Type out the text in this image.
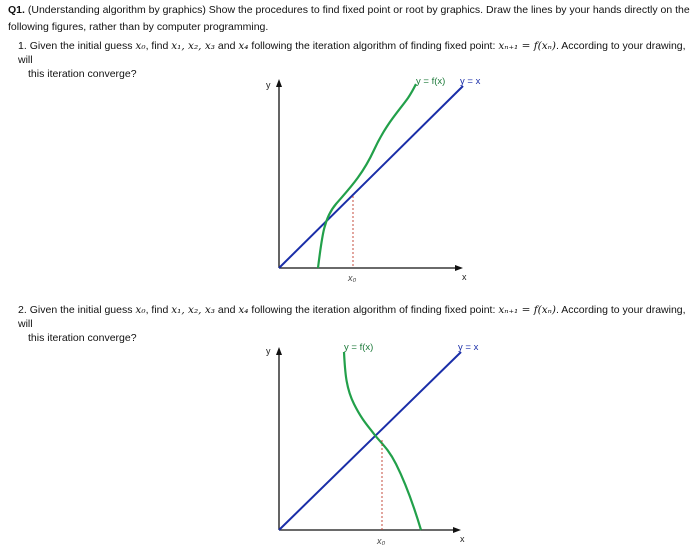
Q1. (Understanding algorithm by graphics) Show the procedures to find fixed point or root by graphics. Draw the lines by your hands directly on the following figures, rather than by computer programming.

1. Given the initial guess x₀, find x₁, x₂, x₃ and x₄ following the iteration algorithm of finding fixed point: xₙ₊₁ = f(xₙ). According to your drawing, will
this iteration converge?

y
x
x₀
y = f(x) y = x

2. Given the initial guess x₀, find x₁, x₂, x₃ and x₄ following the iteration algorithm of finding fixed point: xₙ₊₁ = f(xₙ). According to your drawing, will
this iteration converge?

y
x
x₀
y = f(x)	y = x
